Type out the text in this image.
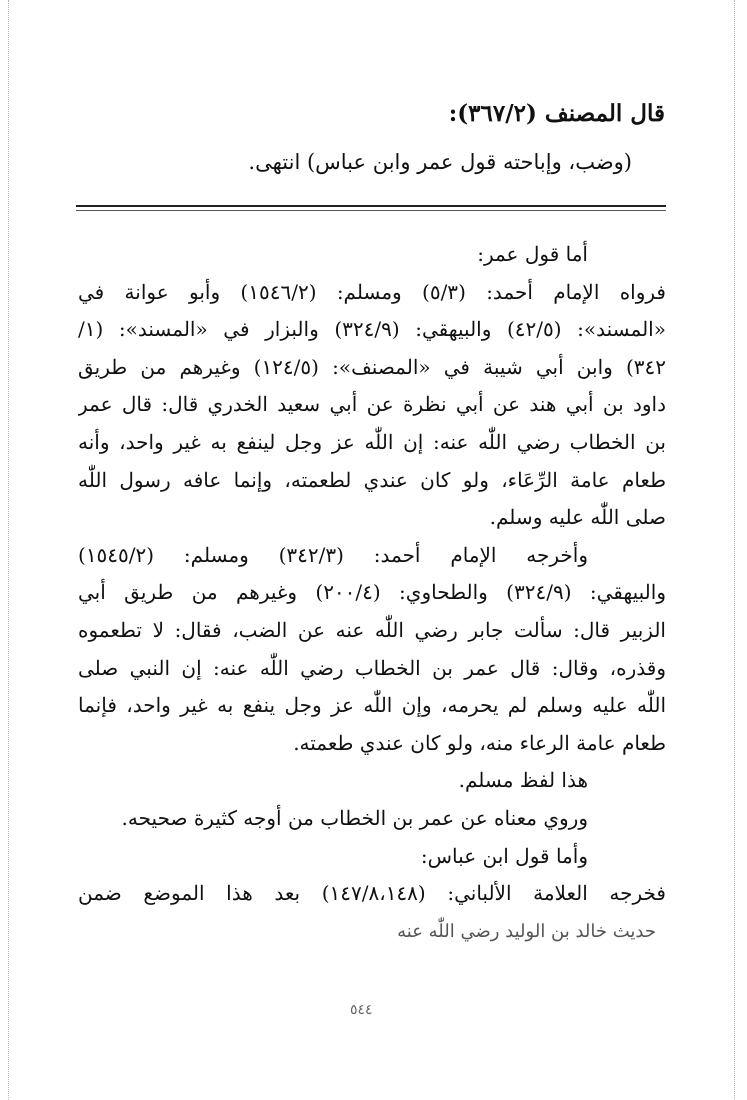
قال المصنف (٣٦٧/٢):
(وضب، وإباحته قول عمر وابن عباس) انتهى.
أما قول عمر:
فرواه الإمام أحمد: (٥/٣) ومسلم: (١٥٤٦/٢) وأبو عوانة في
«المسند»: (٤٢/٥) والبيهقي: (٣٢٤/٩) والبزار في «المسند»: (١/
٣٤٢) وابن أبي شيبة في «المصنف»: (١٢٤/٥) وغيرهم من طريق
داود بن أبي هند عن أبي نظرة عن أبي سعيد الخدري قال: قال عمر
بن الخطاب رضي اللّٰه عنه: إن اللّٰه عز وجل لينفع به غير واحد، وأنه
طعام عامة الرِّعَاء، ولو كان عندي لطعمته، وإنما عافه رسول اللّٰه
صلى اللّٰه عليه وسلم.
وأخرجه الإمام أحمد: (٣٤٢/٣) ومسلم: (١٥٤٥/٢)
والبيهقي: (٣٢٤/٩) والطحاوي: (٢٠٠/٤) وغيرهم من طريق أبي
الزبير قال: سألت جابر رضي اللّٰه عنه عن الضب، فقال: لا تطعموه
وقذره، وقال: قال عمر بن الخطاب رضي اللّٰه عنه: إن النبي صلى
اللّٰه عليه وسلم لم يحرمه، وإن اللّٰه عز وجل ينفع به غير واحد، فإنما
طعام عامة الرعاء منه، ولو كان عندي طعمته.
هذا لفظ مسلم.
وروي معناه عن عمر بن الخطاب من أوجه كثيرة صحيحه.
وأما قول ابن عباس:
فخرجه العلامة الألباني: (١٤٧/٨،١٤٨) بعد هذا الموضع ضمن
حديث خالد بن الوليد رضي اللّٰه عنه
٥٤٤
